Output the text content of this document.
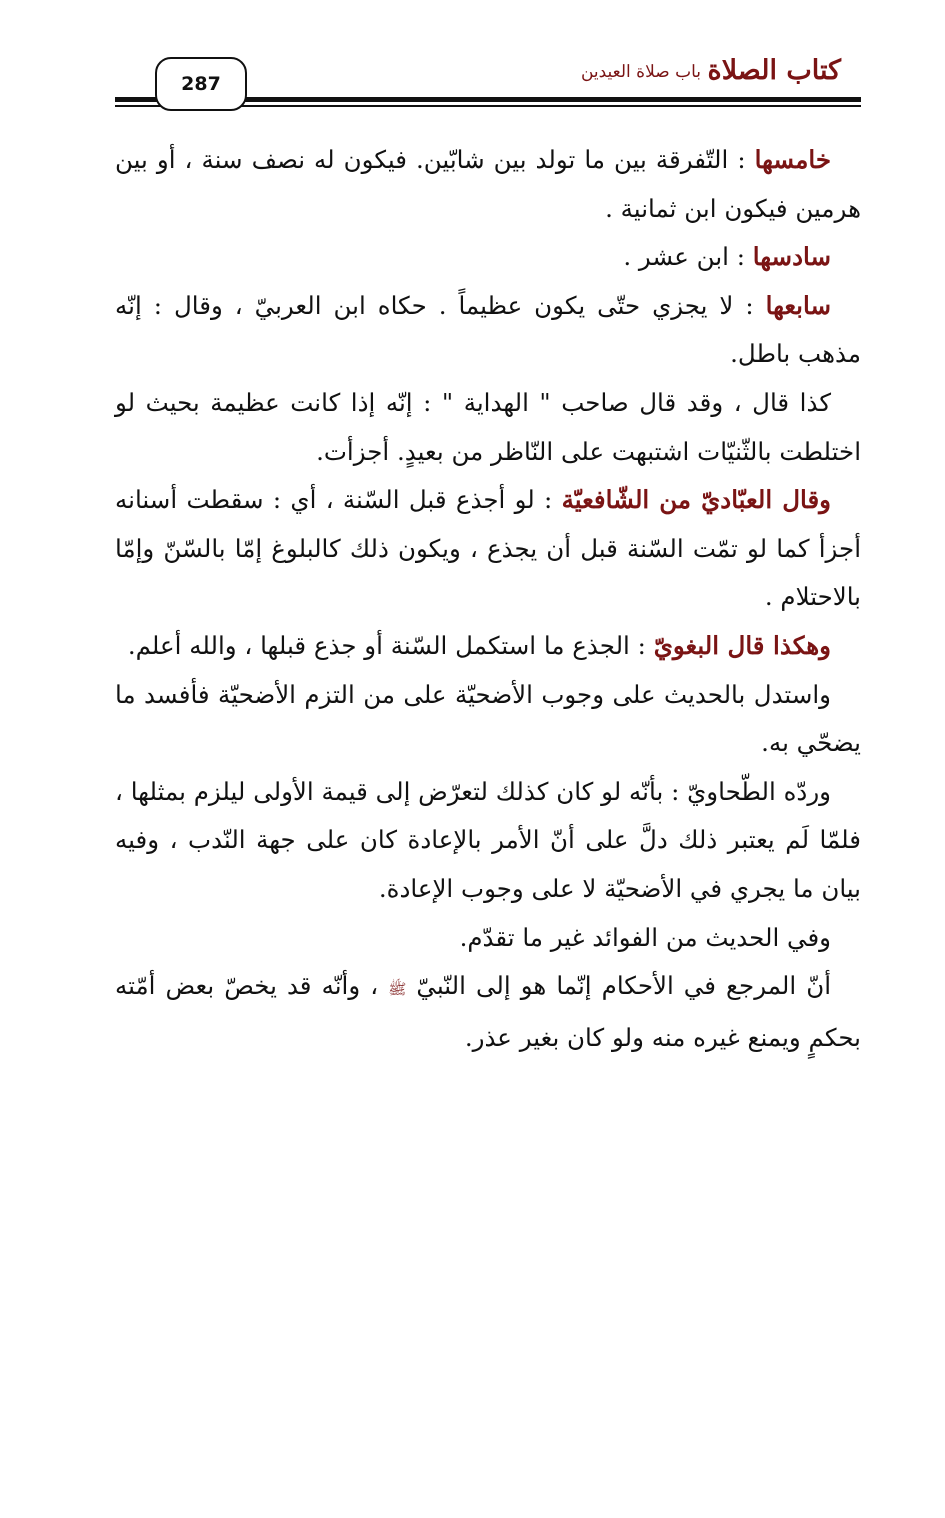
كتاب الصلاة
باب صلاة العيدين
287

خامسها : التّفرقة بين ما تولد بين شابّين. فيكون له نصف سنة ، أو بين هرمين فيكون ابن ثمانية .

سادسها : ابن عشر .

سابعها : لا يجزي حتّى يكون عظيماً . حكاه ابن العربيّ ، وقال : إنّه مذهب باطل.

كذا قال ، وقد قال صاحب " الهداية " : إنّه إذا كانت عظيمة بحيث لو اختلطت بالثّنيّات اشتبهت على النّاظر من بعيدٍ. أجزأت.

وقال العبّاديّ من الشّافعيّة : لو أجذع قبل السّنة ، أي : سقطت أسنانه أجزأ كما لو تمّت السّنة قبل أن يجذع ، ويكون ذلك كالبلوغ إمّا بالسّنّ وإمّا بالاحتلام .

وهكذا قال البغويّ : الجذع ما استكمل السّنة أو جذع قبلها ، والله أعلم.

واستدل بالحديث على وجوب الأضحيّة على من التزم الأضحيّة فأفسد ما يضحّي به.

وردّه الطّحاويّ : بأنّه لو كان كذلك لتعرّض إلى قيمة الأولى ليلزم بمثلها ، فلمّا لَم يعتبر ذلك دلَّ على أنّ الأمر بالإعادة كان على جهة النّدب ، وفيه بيان ما يجري في الأضحيّة لا على وجوب الإعادة.

وفي الحديث من الفوائد غير ما تقدّم.

أنّ المرجع في الأحكام إنّما هو إلى النّبيّ ﷺ ، وأنّه قد يخصّ بعض أمّته بحكمٍ ويمنع غيره منه ولو كان بغير عذر.
